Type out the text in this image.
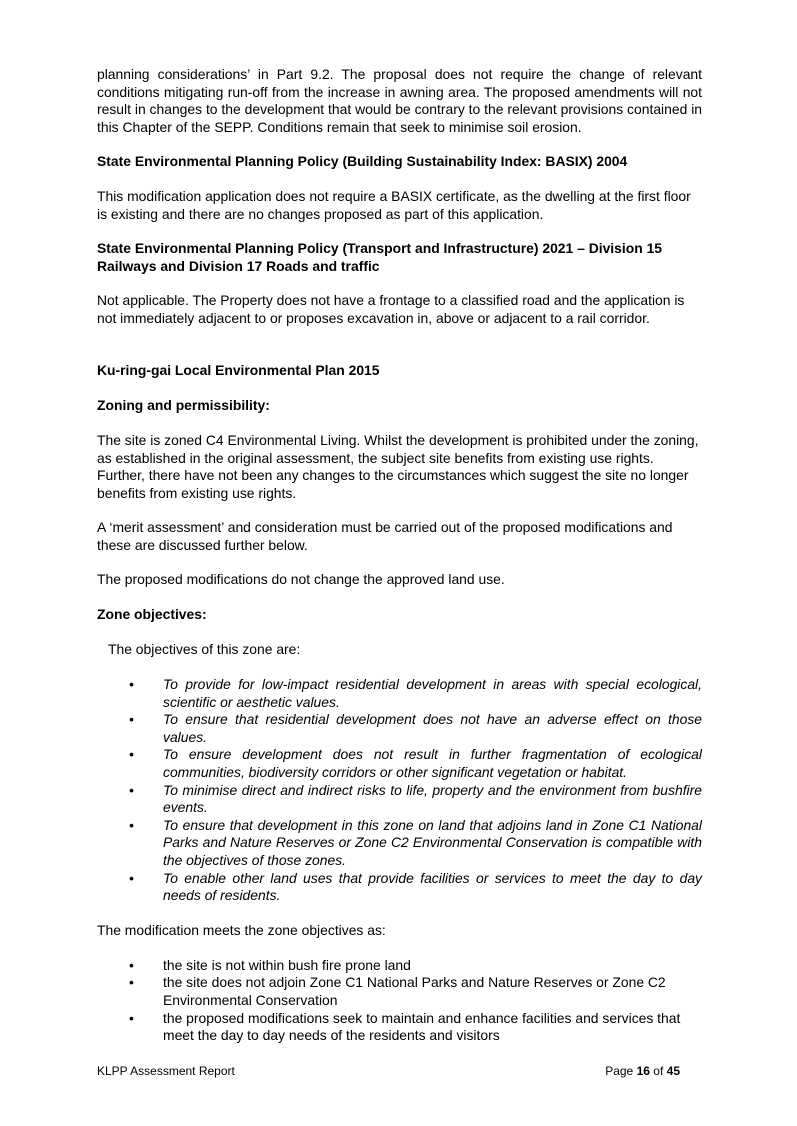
planning considerations’ in Part 9.2. The proposal does not require the change of relevant conditions mitigating run-off from the increase in awning area. The proposed amendments will not result in changes to the development that would be contrary to the relevant provisions contained in this Chapter of the SEPP. Conditions remain that seek to minimise soil erosion.

State Environmental Planning Policy (Building Sustainability Index: BASIX) 2004

This modification application does not require a BASIX certificate, as the dwelling at the first floor is existing and there are no changes proposed as part of this application.

State Environmental Planning Policy (Transport and Infrastructure) 2021 – Division 15 Railways and Division 17 Roads and traffic

Not applicable. The Property does not have a frontage to a classified road and the application is not immediately adjacent to or proposes excavation in, above or adjacent to a rail corridor.

Ku-ring-gai Local Environmental Plan 2015

Zoning and permissibility:

The site is zoned C4 Environmental Living. Whilst the development is prohibited under the zoning, as established in the original assessment, the subject site benefits from existing use rights. Further, there have not been any changes to the circumstances which suggest the site no longer benefits from existing use rights.

A ‘merit assessment’ and consideration must be carried out of the proposed modifications and these are discussed further below.

The proposed modifications do not change the approved land use.

Zone objectives:

The objectives of this zone are:

• To provide for low-impact residential development in areas with special ecological, scientific or aesthetic values.
• To ensure that residential development does not have an adverse effect on those values.
• To ensure development does not result in further fragmentation of ecological communities, biodiversity corridors or other significant vegetation or habitat.
• To minimise direct and indirect risks to life, property and the environment from bushfire events.
• To ensure that development in this zone on land that adjoins land in Zone C1 National Parks and Nature Reserves or Zone C2 Environmental Conservation is compatible with the objectives of those zones.
• To enable other land uses that provide facilities or services to meet the day to day needs of residents.

The modification meets the zone objectives as:

• the site is not within bush fire prone land
• the site does not adjoin Zone C1 National Parks and Nature Reserves or Zone C2 Environmental Conservation
• the proposed modifications seek to maintain and enhance facilities and services that meet the day to day needs of the residents and visitors
KLPP Assessment Report	Page 16 of 45
